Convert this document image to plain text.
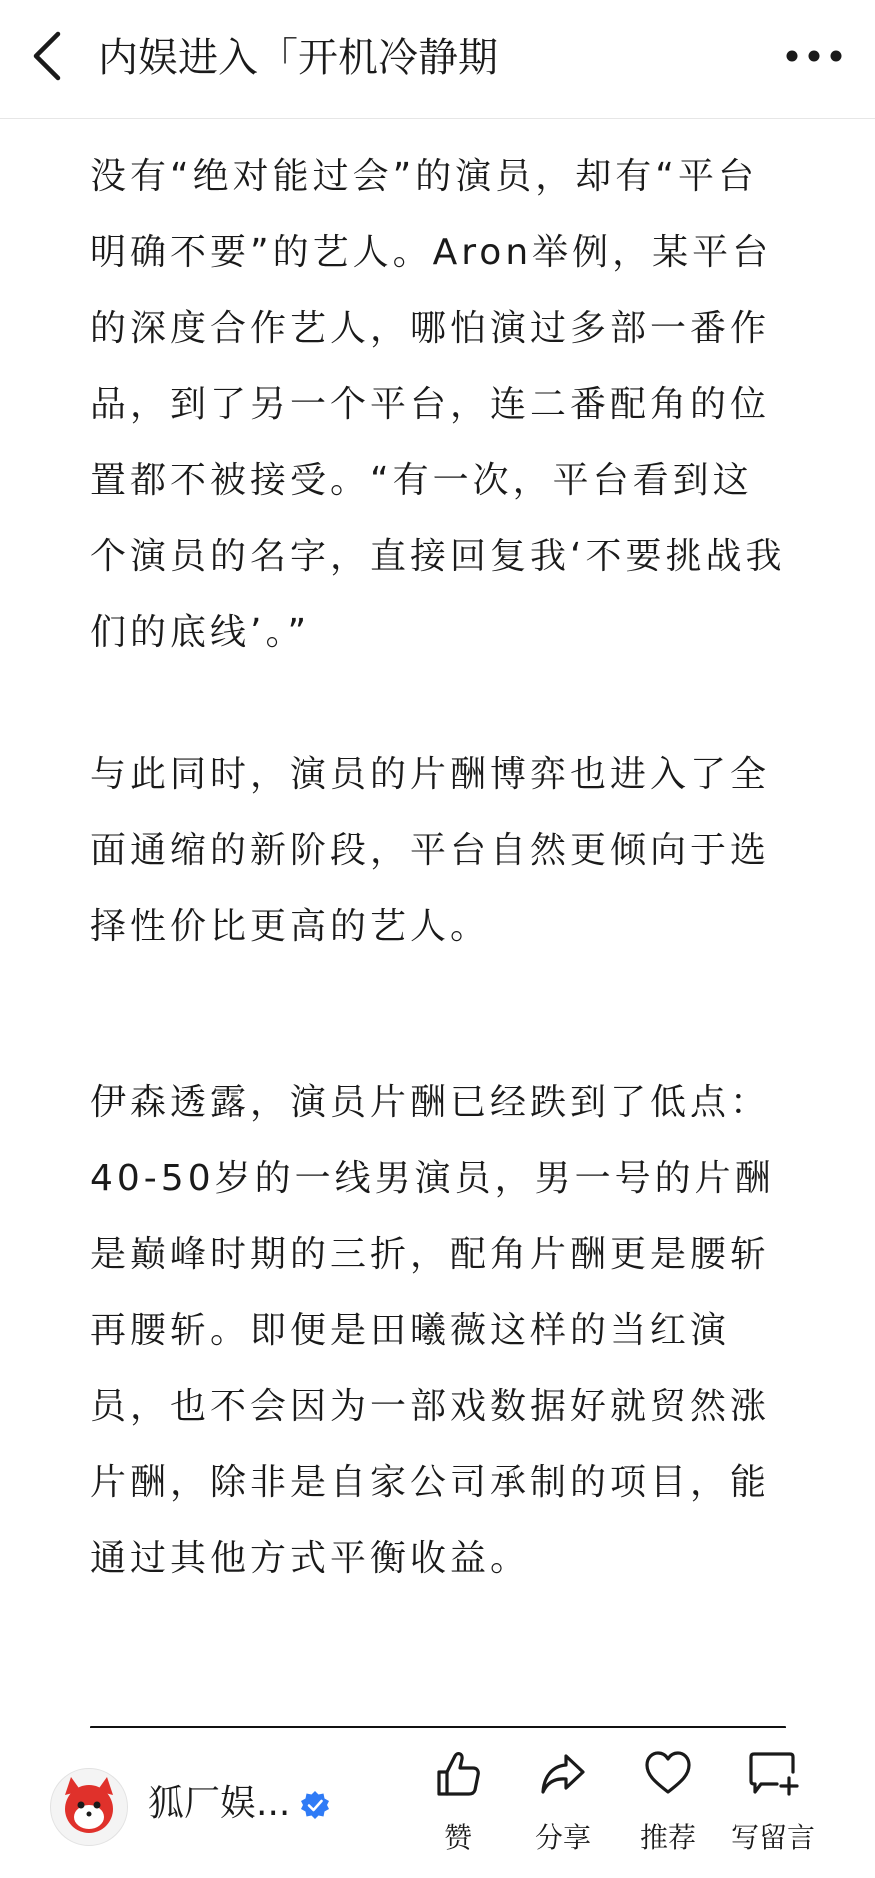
内娱进入「开机冷静期

没有“绝对能过会”的演员，却有“平台明确不要”的艺人。Aron举例，某平台的深度合作艺人，哪怕演过多部一番作品，到了另一个平台，连二番配角的位置都不被接受。“有一次，平台看到这个演员的名字，直接回复我‘不要挑战我们的底线’。”

与此同时，演员的片酬博弈也进入了全面通缩的新阶段，平台自然更倾向于选择性价比更高的艺人。

伊森透露，演员片酬已经跌到了低点：40-50岁的一线男演员，男一号的片酬是巅峰时期的三折，配角片酬更是腰斩再腰斩。即便是田曦薇这样的当红演员，也不会因为一部戏数据好就贸然涨片酬，除非是自家公司承制的项目，能通过其他方式平衡收益。

狐厂娱...
赞	分享	推荐	写留言
